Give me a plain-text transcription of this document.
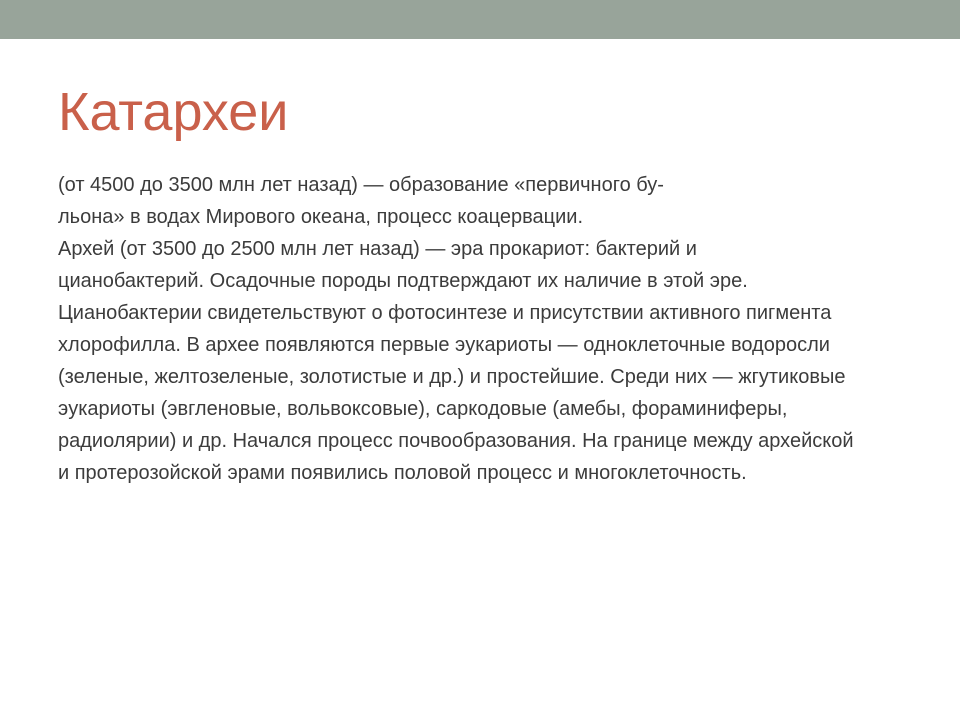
Катархеи
(от 4500 до 3500 млн лет назад) — образование «первичного бу-
льона» в водах Мирового океана, процесс коацервации.
Архей (от 3500 до 2500 млн лет назад) — эра прокариот: бактерий и
цианобактерий. Осадочные породы подтверждают их наличие в этой эре.
Цианобактерии свидетельствуют о фотосинтезе и присутствии активного пигмента
хлорофилла. В архее появляются первые эукариоты — одноклеточные водоросли
(зеленые, желтозеленые, золотистые и др.) и простейшие. Среди них — жгутиковые
эукариоты (эвгленовые, вольвоксовые), саркодовые (амебы, фораминиферы,
радиолярии) и др. Начался процесс почвообразования. На границе между архейской
и протерозойской эрами появились половой процесс и многоклеточность.
